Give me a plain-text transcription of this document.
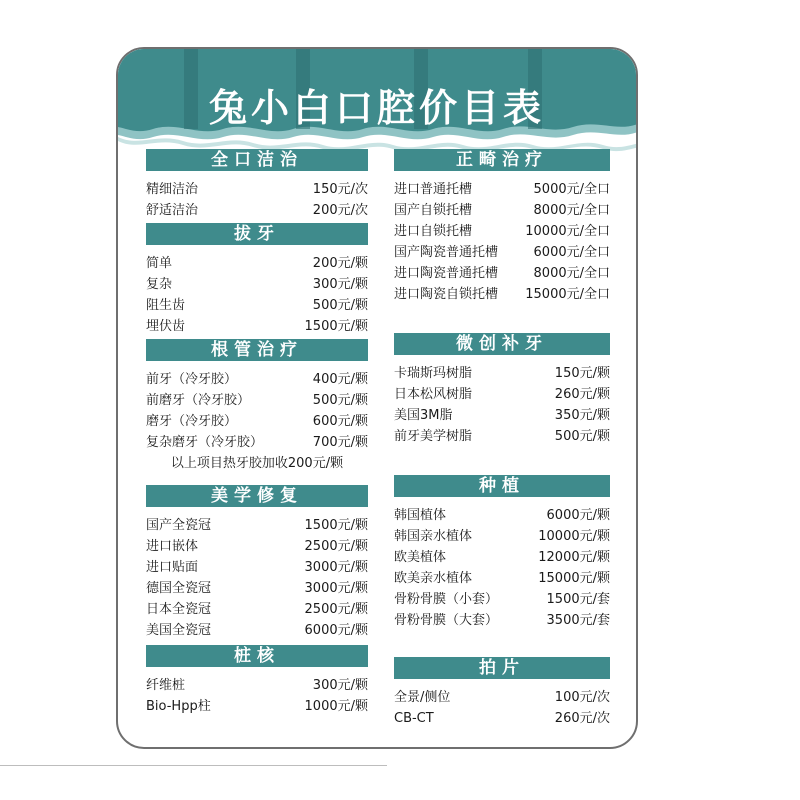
兔小白口腔价目表
全口洁治
精细洁治	150元/次
舒适洁治	200元/次
拔牙
简单	200元/颗
复杂	300元/颗
阻生齿	500元/颗
埋伏齿	1500元/颗
根管治疗
前牙（冷牙胶）	400元/颗
前磨牙（冷牙胶）	500元/颗
磨牙（冷牙胶）	600元/颗
复杂磨牙（冷牙胶）	700元/颗
以上项目热牙胶加收200元/颗
美学修复
国产全瓷冠	1500元/颗
进口嵌体	2500元/颗
进口贴面	3000元/颗
德国全瓷冠	3000元/颗
日本全瓷冠	2500元/颗
美国全瓷冠	6000元/颗
桩核
纤维桩	300元/颗
Bio-Hpp柱	1000元/颗
正畸治疗
进口普通托槽	5000元/全口
国产自锁托槽	8000元/全口
进口自锁托槽	10000元/全口
国产陶瓷普通托槽	6000元/全口
进口陶瓷普通托槽	8000元/全口
进口陶瓷自锁托槽 15000元/全口
微创补牙
卡瑞斯玛树脂	150元/颗
日本松风树脂	260元/颗
美国3M脂	350元/颗
前牙美学树脂	500元/颗
种植
韩国植体	6000元/颗
韩国亲水植体	10000元/颗
欧美植体	12000元/颗
欧美亲水植体	15000元/颗
骨粉骨膜（小套）	1500元/套
骨粉骨膜（大套）	3500元/套
拍片
全景/侧位	100元/次
CB-CT	260元/次
